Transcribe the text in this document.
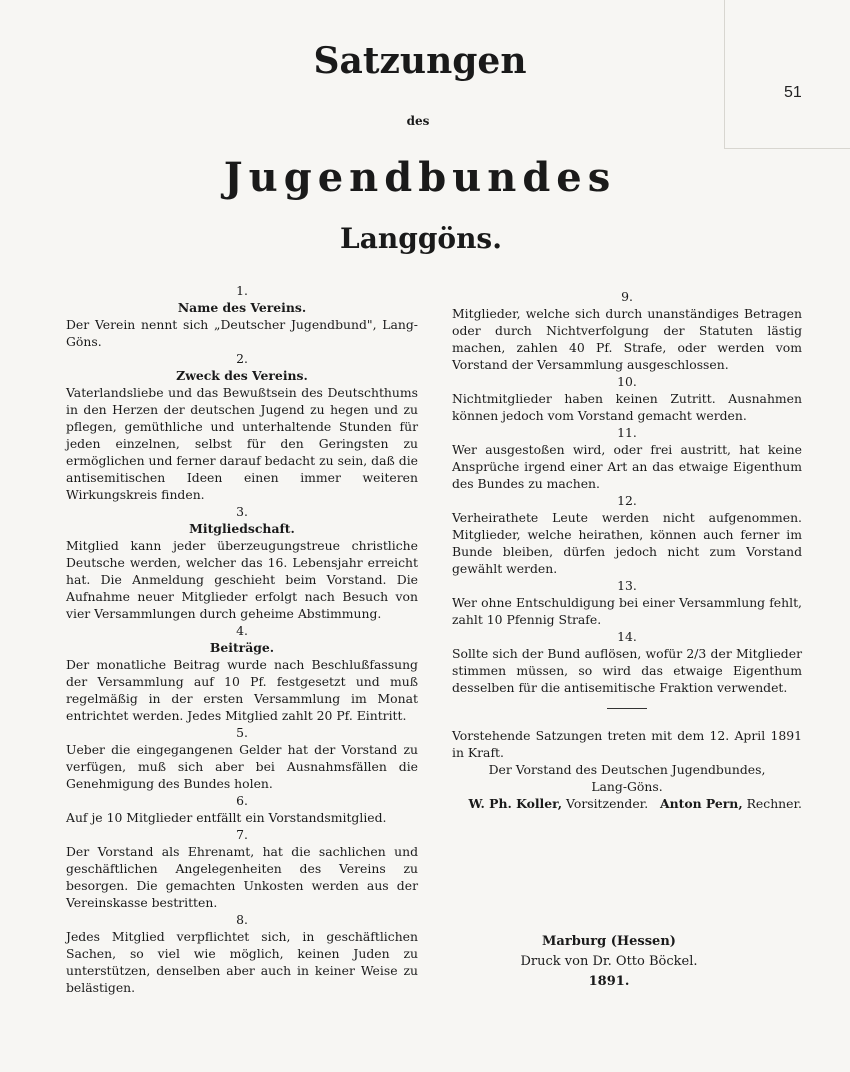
51
Satzungen
des
Jugendbundes
Langgöns.
1.
Name des Vereins.

Der Verein nennt sich „Deutscher Jugendbund", Lang-Göns.

2.
Zweck des Vereins.

Vaterlandsliebe und das Bewußtsein des Deutschthums in den Herzen der deutschen Jugend zu hegen und zu pflegen, gemüthliche und unterhaltende Stunden für jeden einzelnen, selbst für den Geringsten zu ermöglichen und ferner darauf bedacht zu sein, daß die antisemitischen Ideen einen immer weiteren Wirkungskreis finden.

3.
Mitgliedschaft.

Mitglied kann jeder überzeugungstreue christliche Deutsche werden, welcher das 16. Lebensjahr erreicht hat. Die Anmeldung geschieht beim Vorstand. Die Aufnahme neuer Mitglieder erfolgt nach Besuch von vier Versammlungen durch geheime Abstimmung.

4.
Beiträge.

Der monatliche Beitrag wurde nach Beschlußfassung der Versammlung auf 10 Pf. festgesetzt und muß regelmäßig in der ersten Versammlung im Monat entrichtet werden. Jedes Mitglied zahlt 20 Pf. Eintritt.

5.

Ueber die eingegangenen Gelder hat der Vorstand zu verfügen, muß sich aber bei Ausnahmsfällen die Genehmigung des Bundes holen.

6.

Auf je 10 Mitglieder entfällt ein Vorstandsmitglied.

7.

Der Vorstand als Ehrenamt, hat die sachlichen und geschäftlichen Angelegenheiten des Vereins zu besorgen. Die gemachten Unkosten werden aus der Vereinskasse bestritten.

8.

Jedes Mitglied verpflichtet sich, in geschäftlichen Sachen, so viel wie möglich, keinen Juden zu unterstützen, denselben aber auch in keiner Weise zu belästigen.

9.

Mitglieder, welche sich durch unanständiges Betragen oder durch Nichtverfolgung der Statuten lästig machen, zahlen 40 Pf. Strafe, oder werden vom Vorstand der Versammlung ausgeschlossen.

10.

Nichtmitglieder haben keinen Zutritt. Ausnahmen können jedoch vom Vorstand gemacht werden.

11.

Wer ausgestoßen wird, oder frei austritt, hat keine Ansprüche irgend einer Art an das etwaige Eigenthum des Bundes zu machen.

12.

Verheirathete Leute werden nicht aufgenommen. Mitglieder, welche heirathen, können auch ferner im Bunde bleiben, dürfen jedoch nicht zum Vorstand gewählt werden.

13.

Wer ohne Entschuldigung bei einer Versammlung fehlt, zahlt 10 Pfennig Strafe.

14.

Sollte sich der Bund auflösen, wofür 2/3 der Mitglieder stimmen müssen, so wird das etwaige Eigenthum desselben für die antisemitische Fraktion verwendet.

Vorstehende Satzungen treten mit dem 12. April 1891 in Kraft.

Der Vorstand des Deutschen Jugendbundes,
Lang-Göns.
W. Ph. Koller, Vorsitzender. Anton Pern, Rechner.
Marburg (Hessen)
Druck von Dr. Otto Böckel.
1891.
